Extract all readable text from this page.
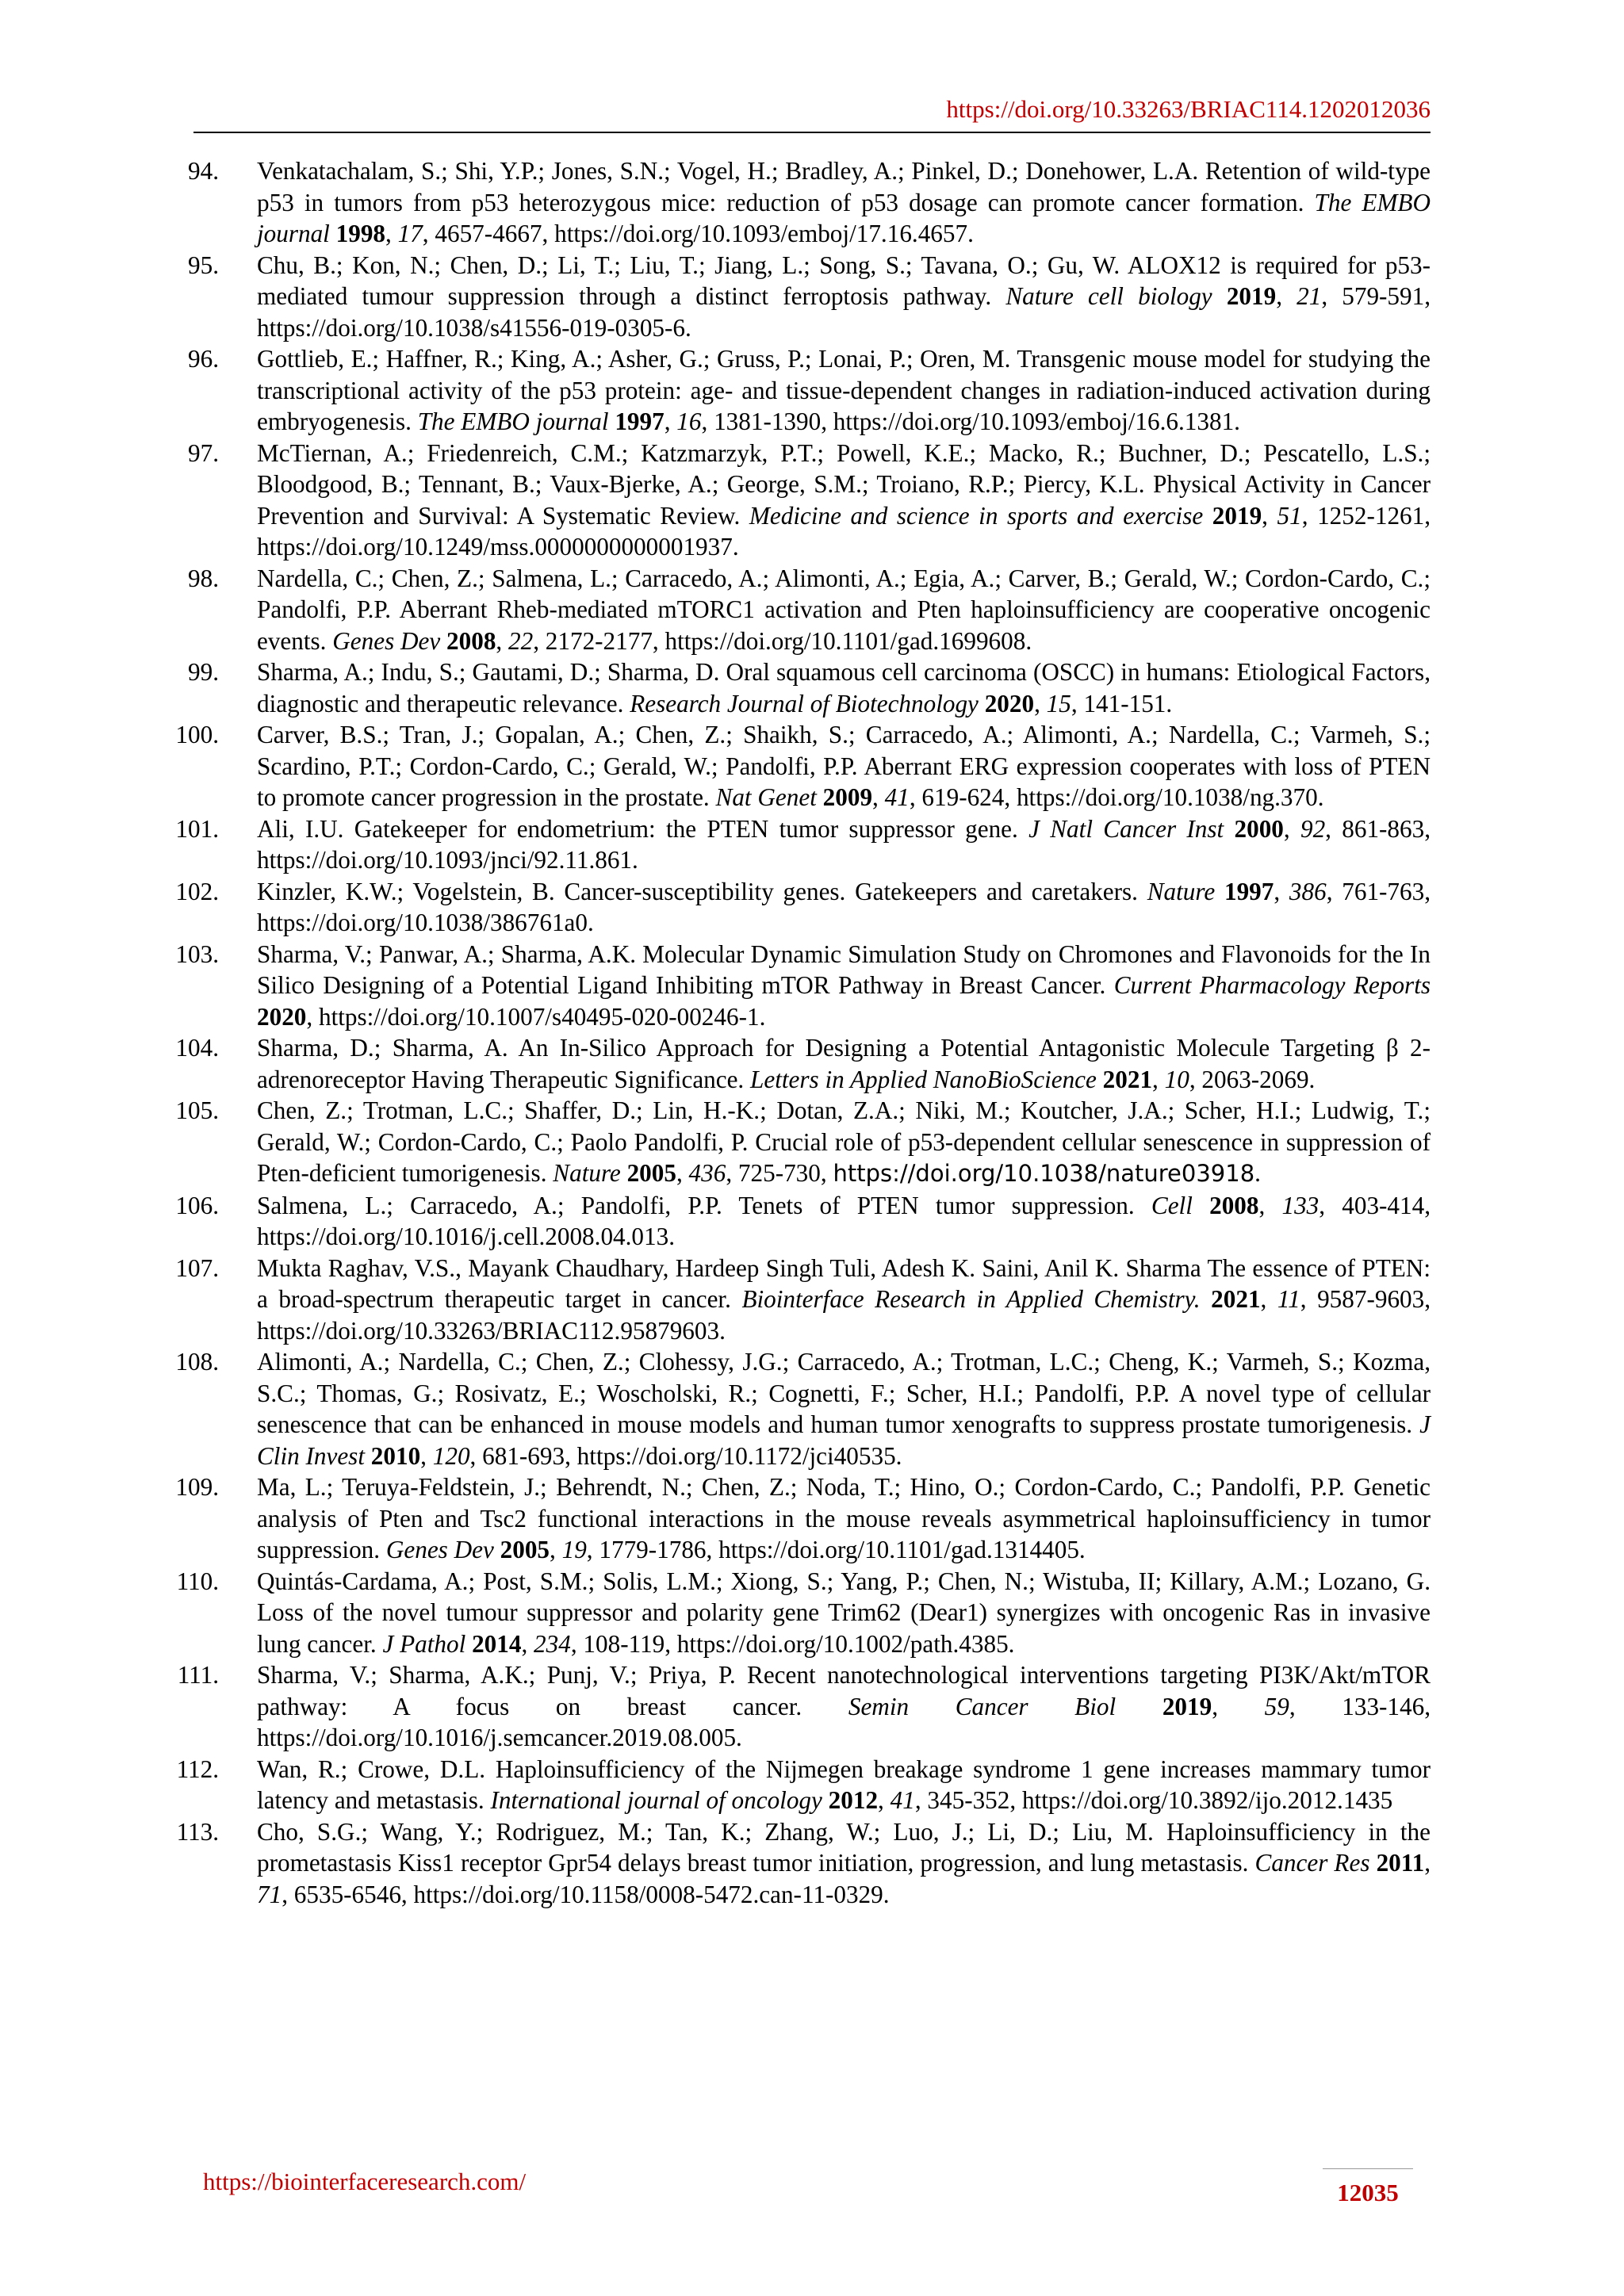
https://doi.org/10.33263/BRIAC114.1202012036
94. Venkatachalam, S.; Shi, Y.P.; Jones, S.N.; Vogel, H.; Bradley, A.; Pinkel, D.; Donehower, L.A. Retention of wild-type p53 in tumors from p53 heterozygous mice: reduction of p53 dosage can promote cancer formation. The EMBO journal 1998, 17, 4657-4667, https://doi.org/10.1093/emboj/17.16.4657.
95. Chu, B.; Kon, N.; Chen, D.; Li, T.; Liu, T.; Jiang, L.; Song, S.; Tavana, O.; Gu, W. ALOX12 is required for p53-mediated tumour suppression through a distinct ferroptosis pathway. Nature cell biology 2019, 21, 579-591, https://doi.org/10.1038/s41556-019-0305-6.
96. Gottlieb, E.; Haffner, R.; King, A.; Asher, G.; Gruss, P.; Lonai, P.; Oren, M. Transgenic mouse model for studying the transcriptional activity of the p53 protein: age- and tissue-dependent changes in radiation-induced activation during embryogenesis. The EMBO journal 1997, 16, 1381-1390, https://doi.org/10.1093/emboj/16.6.1381.
97. McTiernan, A.; Friedenreich, C.M.; Katzmarzyk, P.T.; Powell, K.E.; Macko, R.; Buchner, D.; Pescatello, L.S.; Bloodgood, B.; Tennant, B.; Vaux-Bjerke, A.; George, S.M.; Troiano, R.P.; Piercy, K.L. Physical Activity in Cancer Prevention and Survival: A Systematic Review. Medicine and science in sports and exercise 2019, 51, 1252-1261, https://doi.org/10.1249/mss.0000000000001937.
98. Nardella, C.; Chen, Z.; Salmena, L.; Carracedo, A.; Alimonti, A.; Egia, A.; Carver, B.; Gerald, W.; Cordon-Cardo, C.; Pandolfi, P.P. Aberrant Rheb-mediated mTORC1 activation and Pten haploinsufficiency are cooperative oncogenic events. Genes Dev 2008, 22, 2172-2177, https://doi.org/10.1101/gad.1699608.
99. Sharma, A.; Indu, S.; Gautami, D.; Sharma, D. Oral squamous cell carcinoma (OSCC) in humans: Etiological Factors, diagnostic and therapeutic relevance. Research Journal of Biotechnology 2020, 15, 141-151.
100. Carver, B.S.; Tran, J.; Gopalan, A.; Chen, Z.; Shaikh, S.; Carracedo, A.; Alimonti, A.; Nardella, C.; Varmeh, S.; Scardino, P.T.; Cordon-Cardo, C.; Gerald, W.; Pandolfi, P.P. Aberrant ERG expression cooperates with loss of PTEN to promote cancer progression in the prostate. Nat Genet 2009, 41, 619-624, https://doi.org/10.1038/ng.370.
101. Ali, I.U. Gatekeeper for endometrium: the PTEN tumor suppressor gene. J Natl Cancer Inst 2000, 92, 861-863, https://doi.org/10.1093/jnci/92.11.861.
102. Kinzler, K.W.; Vogelstein, B. Cancer-susceptibility genes. Gatekeepers and caretakers. Nature 1997, 386, 761-763, https://doi.org/10.1038/386761a0.
103. Sharma, V.; Panwar, A.; Sharma, A.K. Molecular Dynamic Simulation Study on Chromones and Flavonoids for the In Silico Designing of a Potential Ligand Inhibiting mTOR Pathway in Breast Cancer. Current Pharmacology Reports 2020, https://doi.org/10.1007/s40495-020-00246-1.
104. Sharma, D.; Sharma, A. An In-Silico Approach for Designing a Potential Antagonistic Molecule Targeting β 2-adrenoreceptor Having Therapeutic Significance. Letters in Applied NanoBioScience 2021, 10, 2063-2069.
105. Chen, Z.; Trotman, L.C.; Shaffer, D.; Lin, H.-K.; Dotan, Z.A.; Niki, M.; Koutcher, J.A.; Scher, H.I.; Ludwig, T.; Gerald, W.; Cordon-Cardo, C.; Paolo Pandolfi, P. Crucial role of p53-dependent cellular senescence in suppression of Pten-deficient tumorigenesis. Nature 2005, 436, 725-730, https://doi.org/10.1038/nature03918.
106. Salmena, L.; Carracedo, A.; Pandolfi, P.P. Tenets of PTEN tumor suppression. Cell 2008, 133, 403-414, https://doi.org/10.1016/j.cell.2008.04.013.
107. Mukta Raghav, V.S., Mayank Chaudhary, Hardeep Singh Tuli, Adesh K. Saini, Anil K. Sharma The essence of PTEN: a broad-spectrum therapeutic target in cancer. Biointerface Research in Applied Chemistry. 2021, 11, 9587-9603, https://doi.org/10.33263/BRIAC112.95879603.
108. Alimonti, A.; Nardella, C.; Chen, Z.; Clohessy, J.G.; Carracedo, A.; Trotman, L.C.; Cheng, K.; Varmeh, S.; Kozma, S.C.; Thomas, G.; Rosivatz, E.; Woscholski, R.; Cognetti, F.; Scher, H.I.; Pandolfi, P.P. A novel type of cellular senescence that can be enhanced in mouse models and human tumor xenografts to suppress prostate tumorigenesis. J Clin Invest 2010, 120, 681-693, https://doi.org/10.1172/jci40535.
109. Ma, L.; Teruya-Feldstein, J.; Behrendt, N.; Chen, Z.; Noda, T.; Hino, O.; Cordon-Cardo, C.; Pandolfi, P.P. Genetic analysis of Pten and Tsc2 functional interactions in the mouse reveals asymmetrical haploinsufficiency in tumor suppression. Genes Dev 2005, 19, 1779-1786, https://doi.org/10.1101/gad.1314405.
110. Quintás-Cardama, A.; Post, S.M.; Solis, L.M.; Xiong, S.; Yang, P.; Chen, N.; Wistuba, II; Killary, A.M.; Lozano, G. Loss of the novel tumour suppressor and polarity gene Trim62 (Dear1) synergizes with oncogenic Ras in invasive lung cancer. J Pathol 2014, 234, 108-119, https://doi.org/10.1002/path.4385.
111. Sharma, V.; Sharma, A.K.; Punj, V.; Priya, P. Recent nanotechnological interventions targeting PI3K/Akt/mTOR pathway: A focus on breast cancer. Semin Cancer Biol 2019, 59, 133-146, https://doi.org/10.1016/j.semcancer.2019.08.005.
112. Wan, R.; Crowe, D.L. Haploinsufficiency of the Nijmegen breakage syndrome 1 gene increases mammary tumor latency and metastasis. International journal of oncology 2012, 41, 345-352, https://doi.org/10.3892/ijo.2012.1435
113. Cho, S.G.; Wang, Y.; Rodriguez, M.; Tan, K.; Zhang, W.; Luo, J.; Li, D.; Liu, M. Haploinsufficiency in the prometastasis Kiss1 receptor Gpr54 delays breast tumor initiation, progression, and lung metastasis. Cancer Res 2011, 71, 6535-6546, https://doi.org/10.1158/0008-5472.can-11-0329.
https://biointerfaceresearch.com/	12035
